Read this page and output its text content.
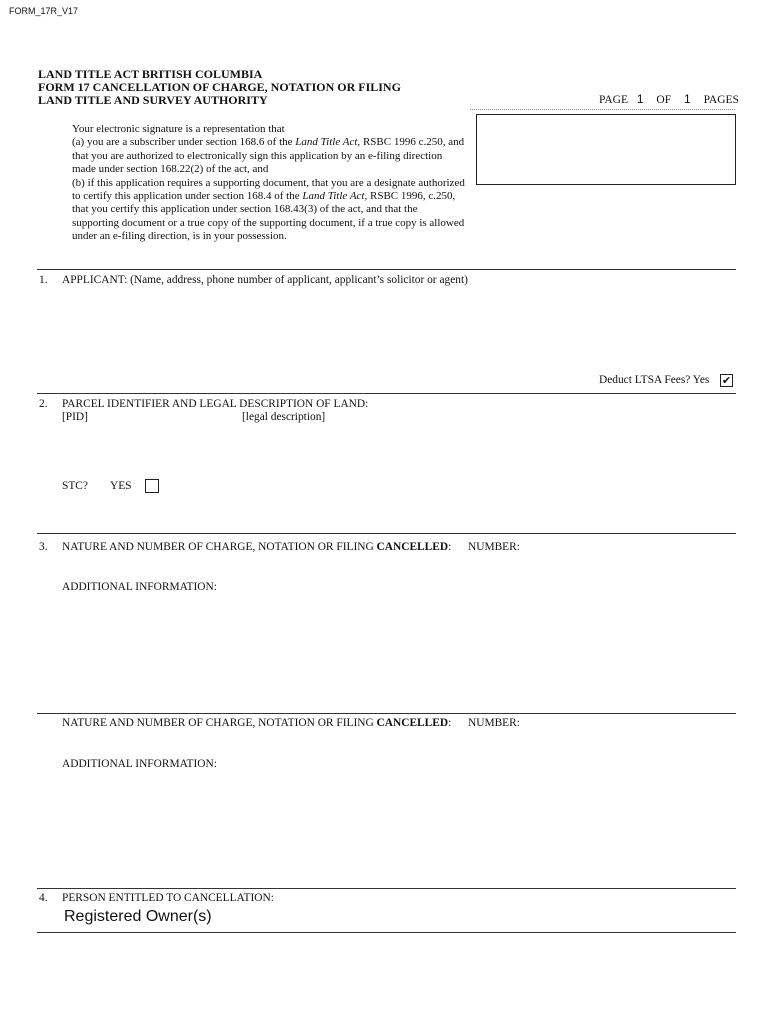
FORM_17R_V17
LAND TITLE ACT BRITISH COLUMBIA
FORM 17 CANCELLATION OF CHARGE, NOTATION OR FILING
LAND TITLE AND SURVEY AUTHORITY	PAGE 1 OF 1 PAGES

Your electronic signature is a representation that

(a) you are a subscriber under section 168.6 of the Land Title Act, RSBC 1996 c.250, and that you are authorized to electronically sign this application by an e-filing direction made under section 168.22(2) of the act, and

(b) if this application requires a supporting document, that you are a designate authorized to certify this application under section 168.4 of the Land Title Act, RSBC 1996, c.250, that you certify this application under section 168.43(3) of the act, and that the supporting document or a true copy of the supporting document, if a true copy is allowed under an e-filing direction, is in your possession.

1. APPLICANT: (Name, address, phone number of applicant, applicant’s solicitor or agent)
Deduct LTSA Fees? Yes ✔
2. PARCEL IDENTIFIER AND LEGAL DESCRIPTION OF LAND:
[PID]	[legal description]
STC? YES
3. NATURE AND NUMBER OF CHARGE, NOTATION OR FILING CANCELLED: NUMBER:
ADDITIONAL INFORMATION:
NATURE AND NUMBER OF CHARGE, NOTATION OR FILING CANCELLED: NUMBER:
ADDITIONAL INFORMATION:
4. PERSON ENTITLED TO CANCELLATION:
Registered Owner(s)
